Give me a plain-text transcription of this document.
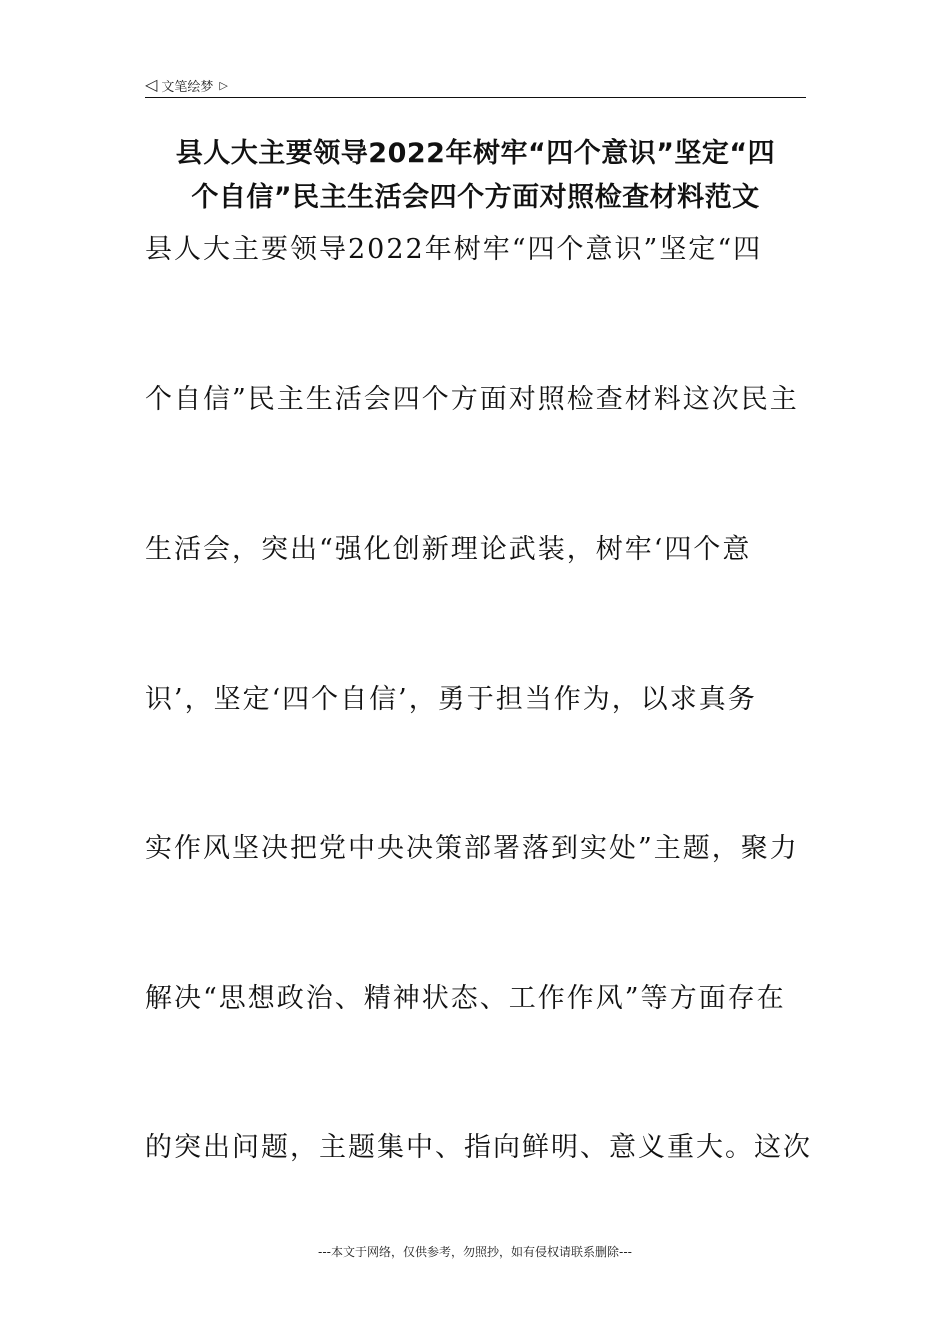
◁ 文笔绘梦 ▷
县人大主要领导2022年树牢“四个意识”坚定“四
个自信”民主生活会四个方面对照检查材料范文
县人大主要领导2022年树牢“四个意识”坚定“四
个自信”民主生活会四个方面对照检查材料这次民主
生活会，突出“强化创新理论武装，树牢‘四个意
识’，坚定‘四个自信’，勇于担当作为，以求真务
实作风坚决把党中央决策部署落到实处”主题，聚力
解决“思想政治、精神状态、工作作风”等方面存在
的突出问题，主题集中、指向鲜明、意义重大。这次
---本文于网络，仅供参考，勿照抄，如有侵权请联系删除---
